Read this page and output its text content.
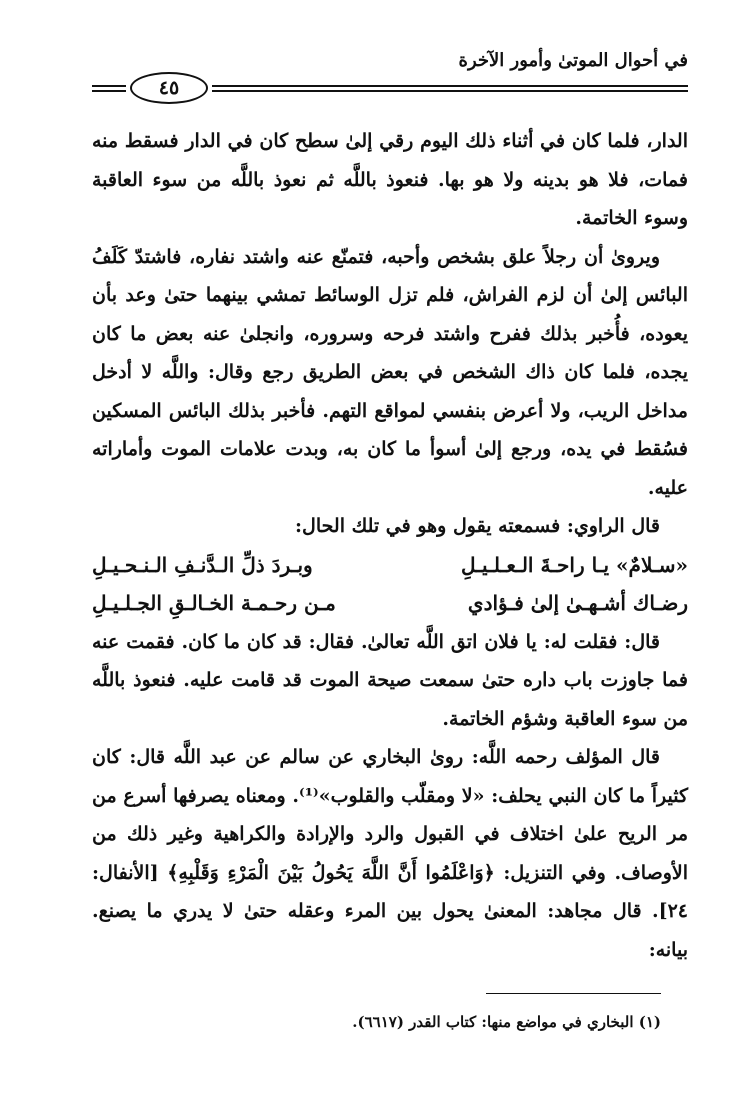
في أحوال الموتىٰ وأمور الآخرة
٤٥

الدار، فلما كان في أثناء ذلك اليوم رقي إلىٰ سطح كان في الدار فسقط منه فمات، فلا هو بدينه ولا هو بها. فنعوذ باللَّه ثم نعوذ باللَّه من سوء العاقبة وسوء الخاتمة.

ويروىٰ أن رجلاً علق بشخص وأحبه، فتمنّع عنه واشتد نفاره، فاشتدّ كَلَفُ البائس إلىٰ أن لزم الفراش، فلم تزل الوسائط تمشي بينهما حتىٰ وعد بأن يعوده، فأُخبر بذلك ففرح واشتد فرحه وسروره، وانجلىٰ عنه بعض ما كان يجده، فلما كان ذاك الشخص في بعض الطريق رجع وقال: واللَّه لا أدخل مداخل الريب، ولا أعرض بنفسي لمواقع التهم. فأخبر بذلك البائس المسكين فسُقط في يده، ورجع إلىٰ أسوأ ما كان به، وبدت علامات الموت وأماراته عليه.

قال الراوي: فسمعته يقول وهو في تلك الحال:

«سـلامٌ» يـا راحـةَ الـعـلـيـلِ
وبـردَ ذلِّ الـدَّنـفِ الـنـحـيـلِ
رضـاك أشـهـىٰ إلىٰ فـؤادي
مـن رحـمـة الخـالـقِ الجـلـيـلِ

قال: فقلت له: يا فلان اتق اللَّه تعالىٰ. فقال: قد كان ما كان. فقمت عنه فما جاوزت باب داره حتىٰ سمعت صيحة الموت قد قامت عليه. فنعوذ باللَّه من سوء العاقبة وشؤم الخاتمة.

قال المؤلف رحمه اللَّه: روىٰ البخاري عن سالم عن عبد اللَّه قال: كان كثيراً ما كان النبي يحلف: «لا ومقلّب والقلوب»⁽¹⁾. ومعناه يصرفها أسرع من مر الريح علىٰ اختلاف في القبول والرد والإرادة والكراهية وغير ذلك من الأوصاف. وفي التنزيل: ﴿وَاعْلَمُوا أَنَّ اللَّهَ يَحُولُ بَيْنَ الْمَرْءِ وَقَلْبِهِ﴾ [الأنفال: ٢٤]. قال مجاهد: المعنىٰ يحول بين المرء وعقله حتىٰ لا يدري ما يصنع. بيانه:

(١) البخاري في مواضع منها: كتاب القدر (٦٦١٧).
